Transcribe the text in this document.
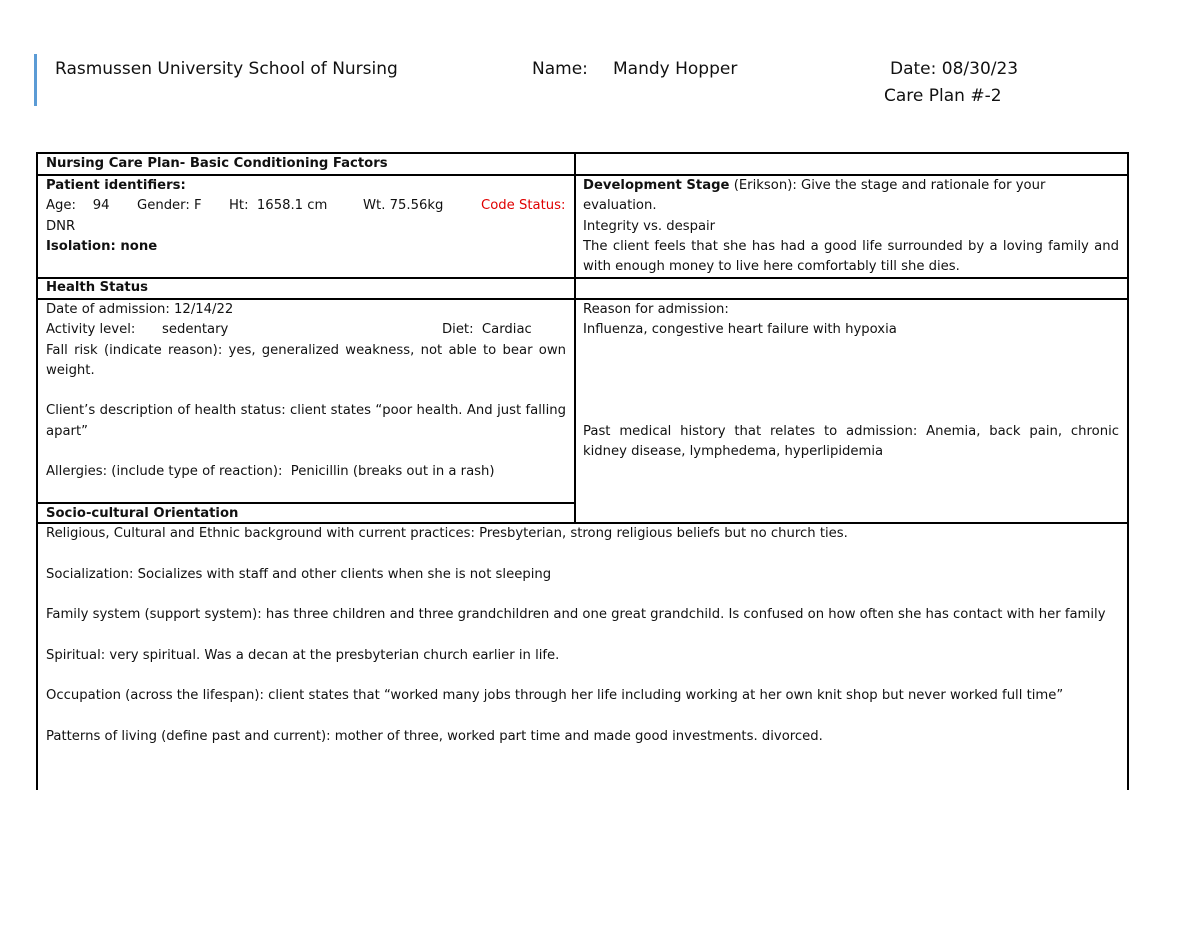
Rasmussen University School of Nursing	Name: Mandy Hopper	Date: 08/30/23
Care Plan #-2
Nursing Care Plan- Basic Conditioning Factors

Patient identifiers:

Age:    94 Gender: F Ht:  1658.1 cm	Wt. 75.56kg	Code Status:

DNR

Isolation: none

Development Stage (Erikson): Give the stage and rationale for your evaluation.

Integrity vs. despair

The client feels that she has had a good life surrounded by a loving family and with enough money to live here comfortably till she dies.

Health Status

Date of admission: 12/14/22

Activity level: sedentary	Diet:  Cardiac

Fall risk (indicate reason): yes, generalized weakness, not able to bear own weight.

Client’s description of health status: client states “poor health. And just falling apart”

Allergies: (include type of reaction):  Penicillin (breaks out in a rash)

Reason for admission:

Influenza, congestive heart failure with hypoxia

Past medical history that relates to admission: Anemia, back pain, chronic kidney disease, lymphedema, hyperlipidemia
Socio-cultural Orientation

Religious, Cultural and Ethnic background with current practices: Presbyterian, strong religious beliefs but no church ties.

Socialization: Socializes with staff and other clients when she is not sleeping

Family system (support system): has three children and three grandchildren and one great grandchild. Is confused on how often she has contact with her family

Spiritual: very spiritual. Was a decan at the presbyterian church earlier in life.

Occupation (across the lifespan): client states that “worked many jobs through her life including working at her own knit shop but never worked full time”

Patterns of living (define past and current): mother of three, worked part time and made good investments. divorced.
